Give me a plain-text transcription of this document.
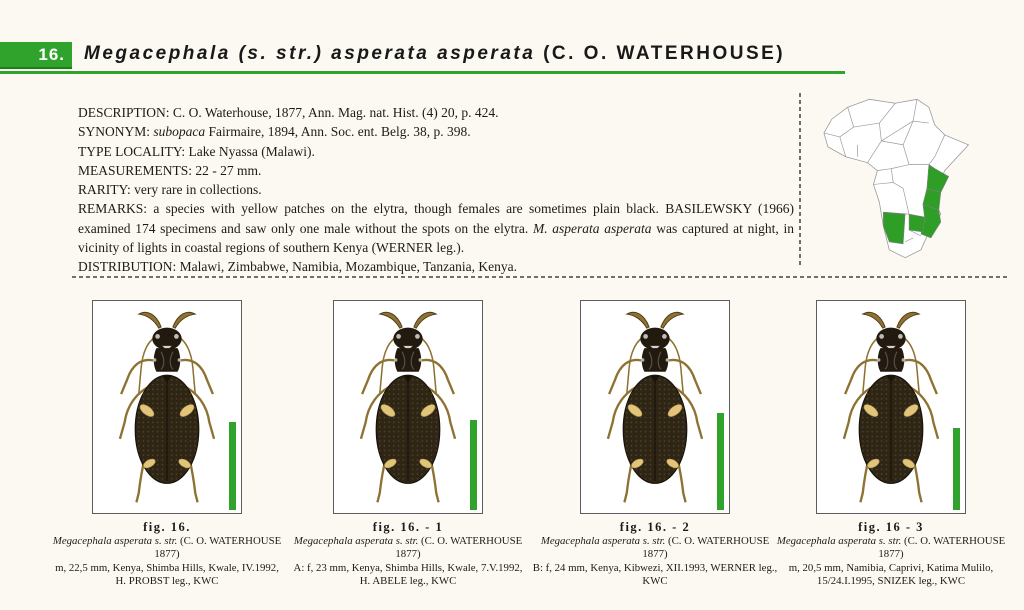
16. Megacephala (s. str.) asperata asperata (C. O. WATERHOUSE)

DESCRIPTION: C. O. Waterhouse, 1877, Ann. Mag. nat. Hist. (4) 20, p. 424.

SYNONYM: subopaca Fairmaire, 1894, Ann. Soc. ent. Belg. 38, p. 398.

TYPE LOCALITY: Lake Nyassa (Malawi).

MEASUREMENTS: 22 - 27 mm.

RARITY: very rare in collections.

REMARKS: a species with yellow patches on the elytra, though females are sometimes plain black. BASILEWSKY (1966) examined 174 specimens and saw only one male without the spots on the elytra. M. asperata asperata was captured at night, in vicinity of lights in coastal regions of southern Kenya (WERNER leg.).

DISTRIBUTION: Malawi, Zimbabwe, Namibia, Mozambique, Tanzania, Kenya.

fig. 16.
Megacephala asperata s. str. (C. O. WATERHOUSE 1877)
m, 22,5 mm, Kenya, Shimba Hills, Kwale, IV.1992,
H. PROBST leg., KWC
fig. 16. - 1
Megacephala asperata s. str. (C. O. WATERHOUSE 1877)
A: f, 23 mm, Kenya, Shimba Hills, Kwale, 7.V.1992,
H. ABELE leg., KWC
fig. 16. - 2
Megacephala asperata s. str. (C. O. WATERHOUSE 1877)
B: f, 24 mm, Kenya, Kibwezi, XII.1993, WERNER leg.,
KWC
fig. 16 - 3
Megacephala asperata s. str. (C. O. WATERHOUSE 1877)
m, 20,5 mm, Namibia, Caprivi, Katima Mulilo,
15/24.I.1995, SNIZEK leg., KWC
